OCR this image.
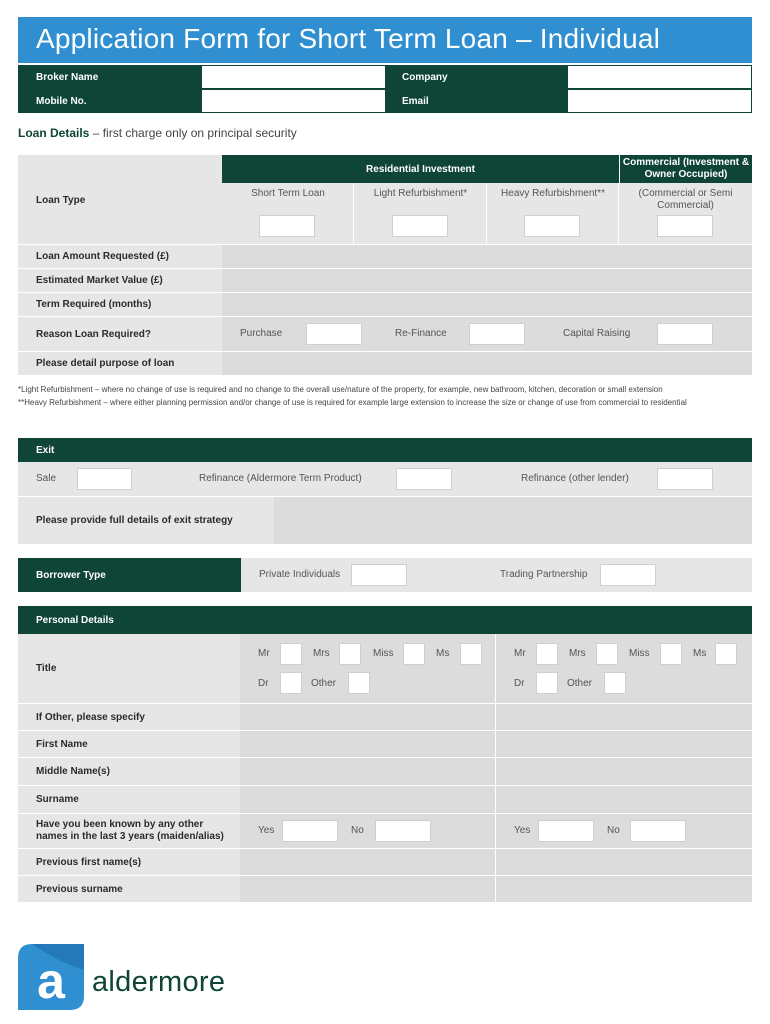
Application Form for Short Term Loan – Individual
Broker Name	Company
Mobile No.	Email
Loan Details – first charge only on principal security
Loan Type
Residential Investment
Commercial (Investment & Owner Occupied)
Short Term Loan	Light Refurbishment*	Heavy Refurbishment**	(Commercial or Semi Commercial)
Loan Amount Requested (£)
Estimated Market Value (£)
Term Required (months)
Reason Loan Required?	Purchase	Re-Finance	Capital Raising
Please detail purpose of loan
*Light Refurbishment – where no change of use is required and no change to the overall use/nature of the property, for example, new bathroom, kitchen, decoration or small extension
**Heavy Refurbishment – where either planning permission and/or change of use is required for example large extension to increase the size or change of use from commercial to residential
Exit
Sale	Refinance (Aldermore Term Product)	Refinance (other lender)
Please provide full details of exit strategy
Borrower Type	Private Individuals	Trading Partnership
Personal Details
Title
Mr	Mrs	Miss	Ms
Dr	Other
Mr	Mrs	Miss	Ms
Dr	Other
If Other, please specify
First Name
Middle Name(s)
Surname
Have you been known by any other names in the last 3 years (maiden/alias)
Yes	No	Yes	No
Previous first name(s)
Previous surname
a aldermore
